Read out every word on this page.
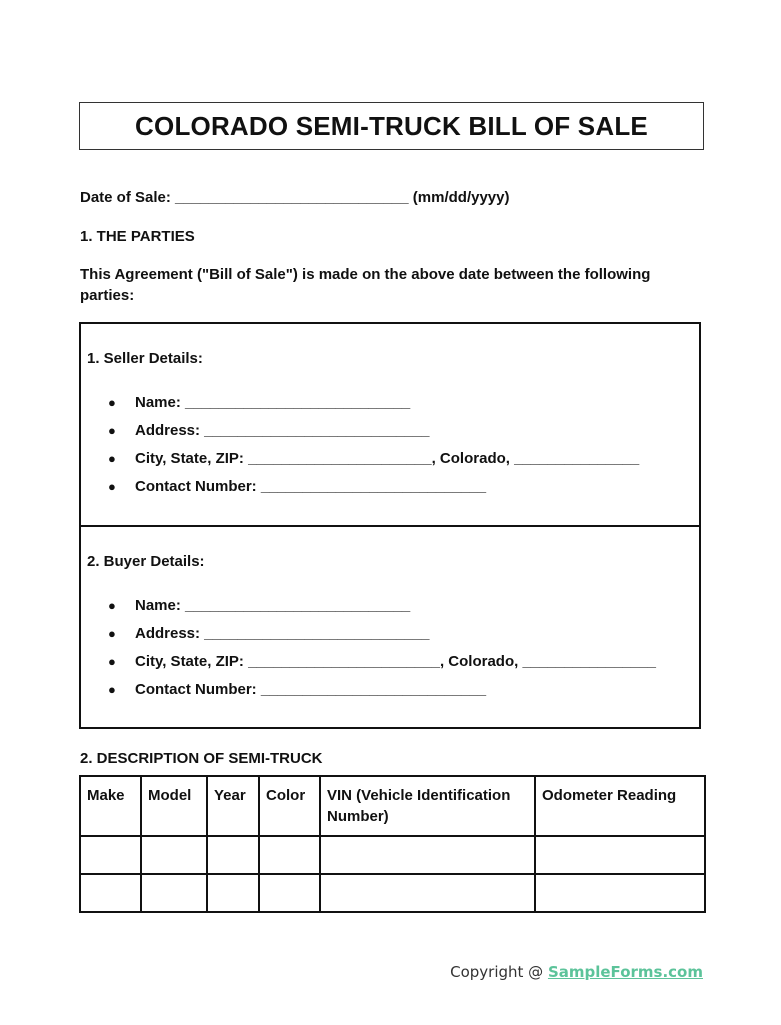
COLORADO SEMI-TRUCK BILL OF SALE

Date of Sale: ____________________________ (mm/dd/yyyy)

1. THE PARTIES

This Agreement ("Bill of Sale") is made on the above date between the following parties:

1. Seller Details:

●	Name: ___________________________
●	Address: ___________________________
●	City, State, ZIP: ______________________, Colorado, _______________
●	Contact Number: ___________________________

2. Buyer Details:

●	Name: ___________________________
●	Address: ___________________________
●	City, State, ZIP: _______________________, Colorado, ________________
●	Contact Number: ___________________________

2. DESCRIPTION OF SEMI-TRUCK

Make	Model	Year	Color	VIN (Vehicle Identification Number)	Odometer Reading

Copyright @ SampleForms.com
